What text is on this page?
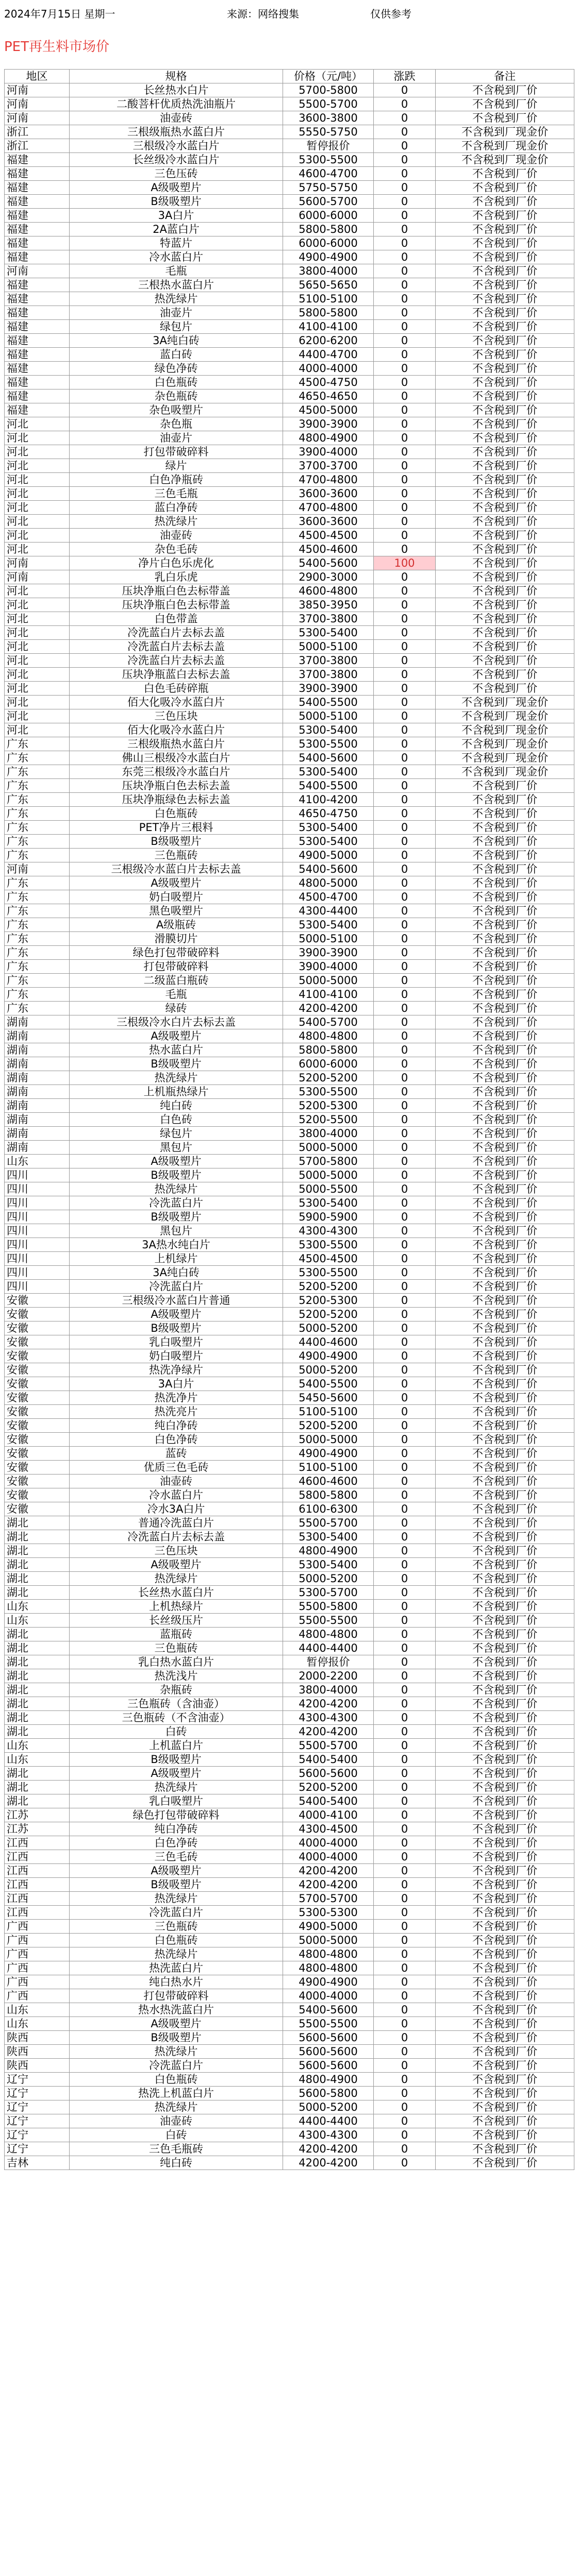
2024年7月15日 星期一	来源：网络搜集	仅供参考
PET再生料市场价
地区	规格	价格（元/吨）	涨跌	备注
河南	长丝热水白片	5700-5800	0	不含税到厂价
河南	二酸菩杆优质热洗油瓶片	5500-5700	0	不含税到厂价
河南	油壶砖	3600-3800	0	不含税到厂价
浙江	三根级瓶热水蓝白片	5550-5750	0	不含税到厂现金价
浙江	三根级冷水蓝白片	暂停报价	0	不含税到厂现金价
福建	长丝级冷水蓝白片	5300-5500	0	不含税到厂现金价
福建	三色压砖	4600-4700	0	不含税到厂价
福建	A级吸塑片	5750-5750	0	不含税到厂价
福建	B级吸塑片	5600-5700	0	不含税到厂价
福建	3A白片	6000-6000	0	不含税到厂价
福建	2A蓝白片	5800-5800	0	不含税到厂价
福建	特蓝片	6000-6000	0	不含税到厂价
福建	冷水蓝白片	4900-4900	0	不含税到厂价
河南	毛瓶	3800-4000	0	不含税到厂价
福建	三根热水蓝白片	5650-5650	0	不含税到厂价
福建	热洗绿片	5100-5100	0	不含税到厂价
福建	油壶片	5800-5800	0	不含税到厂价
福建	绿包片	4100-4100	0	不含税到厂价
福建	3A纯白砖	6200-6200	0	不含税到厂价
福建	蓝白砖	4400-4700	0	不含税到厂价
福建	绿色净砖	4000-4000	0	不含税到厂价
福建	白色瓶砖	4500-4750	0	不含税到厂价
福建	杂色瓶砖	4650-4650	0	不含税到厂价
福建	杂色吸塑片	4500-5000	0	不含税到厂价
河北	杂色瓶	3900-3900	0	不含税到厂价
河北	油壶片	4800-4900	0	不含税到厂价
河北	打包带破碎料	3900-4000	0	不含税到厂价
河北	绿片	3700-3700	0	不含税到厂价
河北	白色净瓶砖	4700-4800	0	不含税到厂价
河北	三色毛瓶	3600-3600	0	不含税到厂价
河北	蓝白净砖	4700-4800	0	不含税到厂价
河北	热洗绿片	3600-3600	0	不含税到厂价
河北	油壶砖	4500-4500	0	不含税到厂价
河北	杂色毛砖	4500-4600	0	不含税到厂价
河南	净片白色乐虎化	5400-5600	100	不含税到厂价
河南	乳白乐虎	2900-3000	0	不含税到厂价
河北	压块净瓶白色去标带盖	4600-4800	0	不含税到厂价
河北	压块净瓶白色去标带盖	3850-3950	0	不含税到厂价
河北	白色带盖	3700-3800	0	不含税到厂价
河北	冷洗蓝白片去标去盖	5300-5400	0	不含税到厂价
河北	冷洗蓝白片去标去盖	5000-5100	0	不含税到厂价
河北	冷洗蓝白片去标去盖	3700-3800	0	不含税到厂价
河北	压块净瓶蓝白去标去盖	3700-3800	0	不含税到厂价
河北	白色毛砖碎瓶	3900-3900	0	不含税到厂价
河北	佰大化吸冷水蓝白片	5400-5500	0	不含税到厂现金价
河北	三色压块	5000-5100	0	不含税到厂现金价
河北	佰大化吸冷水蓝白片	5300-5400	0	不含税到厂现金价
广东	三根级瓶热水蓝白片	5300-5500	0	不含税到厂现金价
广东	佛山三根级冷水蓝白片	5400-5600	0	不含税到厂现金价
广东	东莞三根级冷水蓝白片	5300-5400	0	不含税到厂现金价
广东	压块净瓶白色去标去盖	5400-5500	0	不含税到厂价
广东	压块净瓶绿色去标去盖	4100-4200	0	不含税到厂价
广东	白色瓶砖	4650-4750	0	不含税到厂价
广东	PET净片三根料	5300-5400	0	不含税到厂价
广东	B级吸塑片	5300-5400	0	不含税到厂价
广东	三色瓶砖	4900-5000	0	不含税到厂价
河南	三根级冷水蓝白片去标去盖	5400-5600	0	不含税到厂价
广东	A级吸塑片	4800-5000	0	不含税到厂价
广东	奶白吸塑片	4500-4700	0	不含税到厂价
广东	黑色吸塑片	4300-4400	0	不含税到厂价
广东	A级瓶砖	5300-5400	0	不含税到厂价
广东	滑膜切片	5000-5100	0	不含税到厂价
广东	绿色打包带破碎料	3900-3900	0	不含税到厂价
广东	打包带破碎料	3900-4000	0	不含税到厂价
广东	二级蓝白瓶砖	5000-5000	0	不含税到厂价
广东	毛瓶	4100-4100	0	不含税到厂价
广东	绿砖	4200-4200	0	不含税到厂价
湖南	三根级冷水白片去标去盖	5400-5700	0	不含税到厂价
湖南	A级吸塑片	4800-4800	0	不含税到厂价
湖南	热水蓝白片	5800-5800	0	不含税到厂价
湖南	B级吸塑片	6000-6000	0	不含税到厂价
湖南	热洗绿片	5200-5200	0	不含税到厂价
湖南	上机瓶热绿片	5300-5500	0	不含税到厂价
湖南	纯白砖	5200-5300	0	不含税到厂价
湖南	白色砖	5200-5500	0	不含税到厂价
湖南	绿包片	3800-4000	0	不含税到厂价
湖南	黑包片	5000-5000	0	不含税到厂价
山东	A级吸塑片	5700-5800	0	不含税到厂价
四川	B级吸塑片	5000-5000	0	不含税到厂价
四川	热洗绿片	5000-5500	0	不含税到厂价
四川	冷洗蓝白片	5300-5400	0	不含税到厂价
四川	B级吸塑片	5900-5900	0	不含税到厂价
四川	黑包片	4300-4300	0	不含税到厂价
四川	3A热水纯白片	5300-5500	0	不含税到厂价
四川	上机绿片	4500-4500	0	不含税到厂价
四川	3A纯白砖	5300-5500	0	不含税到厂价
四川	冷洗蓝白片	5200-5200	0	不含税到厂价
安徽	三根级冷水蓝白片普通	5200-5300	0	不含税到厂价
安徽	A级吸塑片	5200-5200	0	不含税到厂价
安徽	B级吸塑片	5000-5200	0	不含税到厂价
安徽	乳白吸塑片	4400-4600	0	不含税到厂价
安徽	奶白吸塑片	4900-4900	0	不含税到厂价
安徽	热洗净绿片	5000-5200	0	不含税到厂价
安徽	3A白片	5400-5500	0	不含税到厂价
安徽	热洗净片	5450-5600	0	不含税到厂价
安徽	热洗亮片	5100-5100	0	不含税到厂价
安徽	纯白净砖	5200-5200	0	不含税到厂价
安徽	白色净砖	5000-5000	0	不含税到厂价
安徽	蓝砖	4900-4900	0	不含税到厂价
安徽	优质三色毛砖	5100-5100	0	不含税到厂价
安徽	油壶砖	4600-4600	0	不含税到厂价
安徽	冷水蓝白片	5800-5800	0	不含税到厂价
安徽	冷水3A白片	6100-6300	0	不含税到厂价
湖北	普通冷洗蓝白片	5500-5700	0	不含税到厂价
湖北	冷洗蓝白片去标去盖	5300-5400	0	不含税到厂价
湖北	三色压块	4800-4900	0	不含税到厂价
湖北	A级吸塑片	5300-5400	0	不含税到厂价
湖北	热洗绿片	5000-5200	0	不含税到厂价
湖北	长丝热水蓝白片	5300-5700	0	不含税到厂价
山东	上机热绿片	5500-5800	0	不含税到厂价
山东	长丝级压片	5500-5500	0	不含税到厂价
湖北	蓝瓶砖	4800-4800	0	不含税到厂价
湖北	三色瓶砖	4400-4400	0	不含税到厂价
湖北	乳白热水蓝白片	暂停报价	0	不含税到厂价
湖北	热洗浅片	2000-2200	0	不含税到厂价
湖北	杂瓶砖	3800-4000	0	不含税到厂价
湖北	三色瓶砖（含油壶）	4200-4200	0	不含税到厂价
湖北	三色瓶砖（不含油壶）	4300-4300	0	不含税到厂价
湖北	白砖	4200-4200	0	不含税到厂价
山东	上机蓝白片	5500-5700	0	不含税到厂价
山东	B级吸塑片	5400-5400	0	不含税到厂价
湖北	A级吸塑片	5600-5600	0	不含税到厂价
湖北	热洗绿片	5200-5200	0	不含税到厂价
湖北	乳白吸塑片	5400-5400	0	不含税到厂价
江苏	绿色打包带破碎料	4000-4100	0	不含税到厂价
江苏	纯白净砖	4300-4500	0	不含税到厂价
江西	白色净砖	4000-4000	0	不含税到厂价
江西	三色毛砖	4000-4000	0	不含税到厂价
江西	A级吸塑片	4200-4200	0	不含税到厂价
江西	B级吸塑片	4200-4200	0	不含税到厂价
江西	热洗绿片	5700-5700	0	不含税到厂价
江西	冷洗蓝白片	5300-5300	0	不含税到厂价
广西	三色瓶砖	4900-5000	0	不含税到厂价
广西	白色瓶砖	5000-5000	0	不含税到厂价
广西	热洗绿片	4800-4800	0	不含税到厂价
广西	热洗蓝白片	4800-4800	0	不含税到厂价
广西	纯白热水片	4900-4900	0	不含税到厂价
广西	打包带破碎料	4000-4000	0	不含税到厂价
山东	热水热洗蓝白片	5400-5600	0	不含税到厂价
山东	A级吸塑片	5500-5500	0	不含税到厂价
陕西	B级吸塑片	5600-5600	0	不含税到厂价
陕西	热洗绿片	5600-5600	0	不含税到厂价
陕西	冷洗蓝白片	5600-5600	0	不含税到厂价
辽宁	白色瓶砖	4800-4900	0	不含税到厂价
辽宁	热洗上机蓝白片	5600-5800	0	不含税到厂价
辽宁	热洗绿片	5000-5200	0	不含税到厂价
辽宁	油壶砖	4400-4400	0	不含税到厂价
辽宁	白砖	4300-4300	0	不含税到厂价
辽宁	三色毛瓶砖	4200-4200	0	不含税到厂价
吉林	纯白砖	4200-4200	0	不含税到厂价
